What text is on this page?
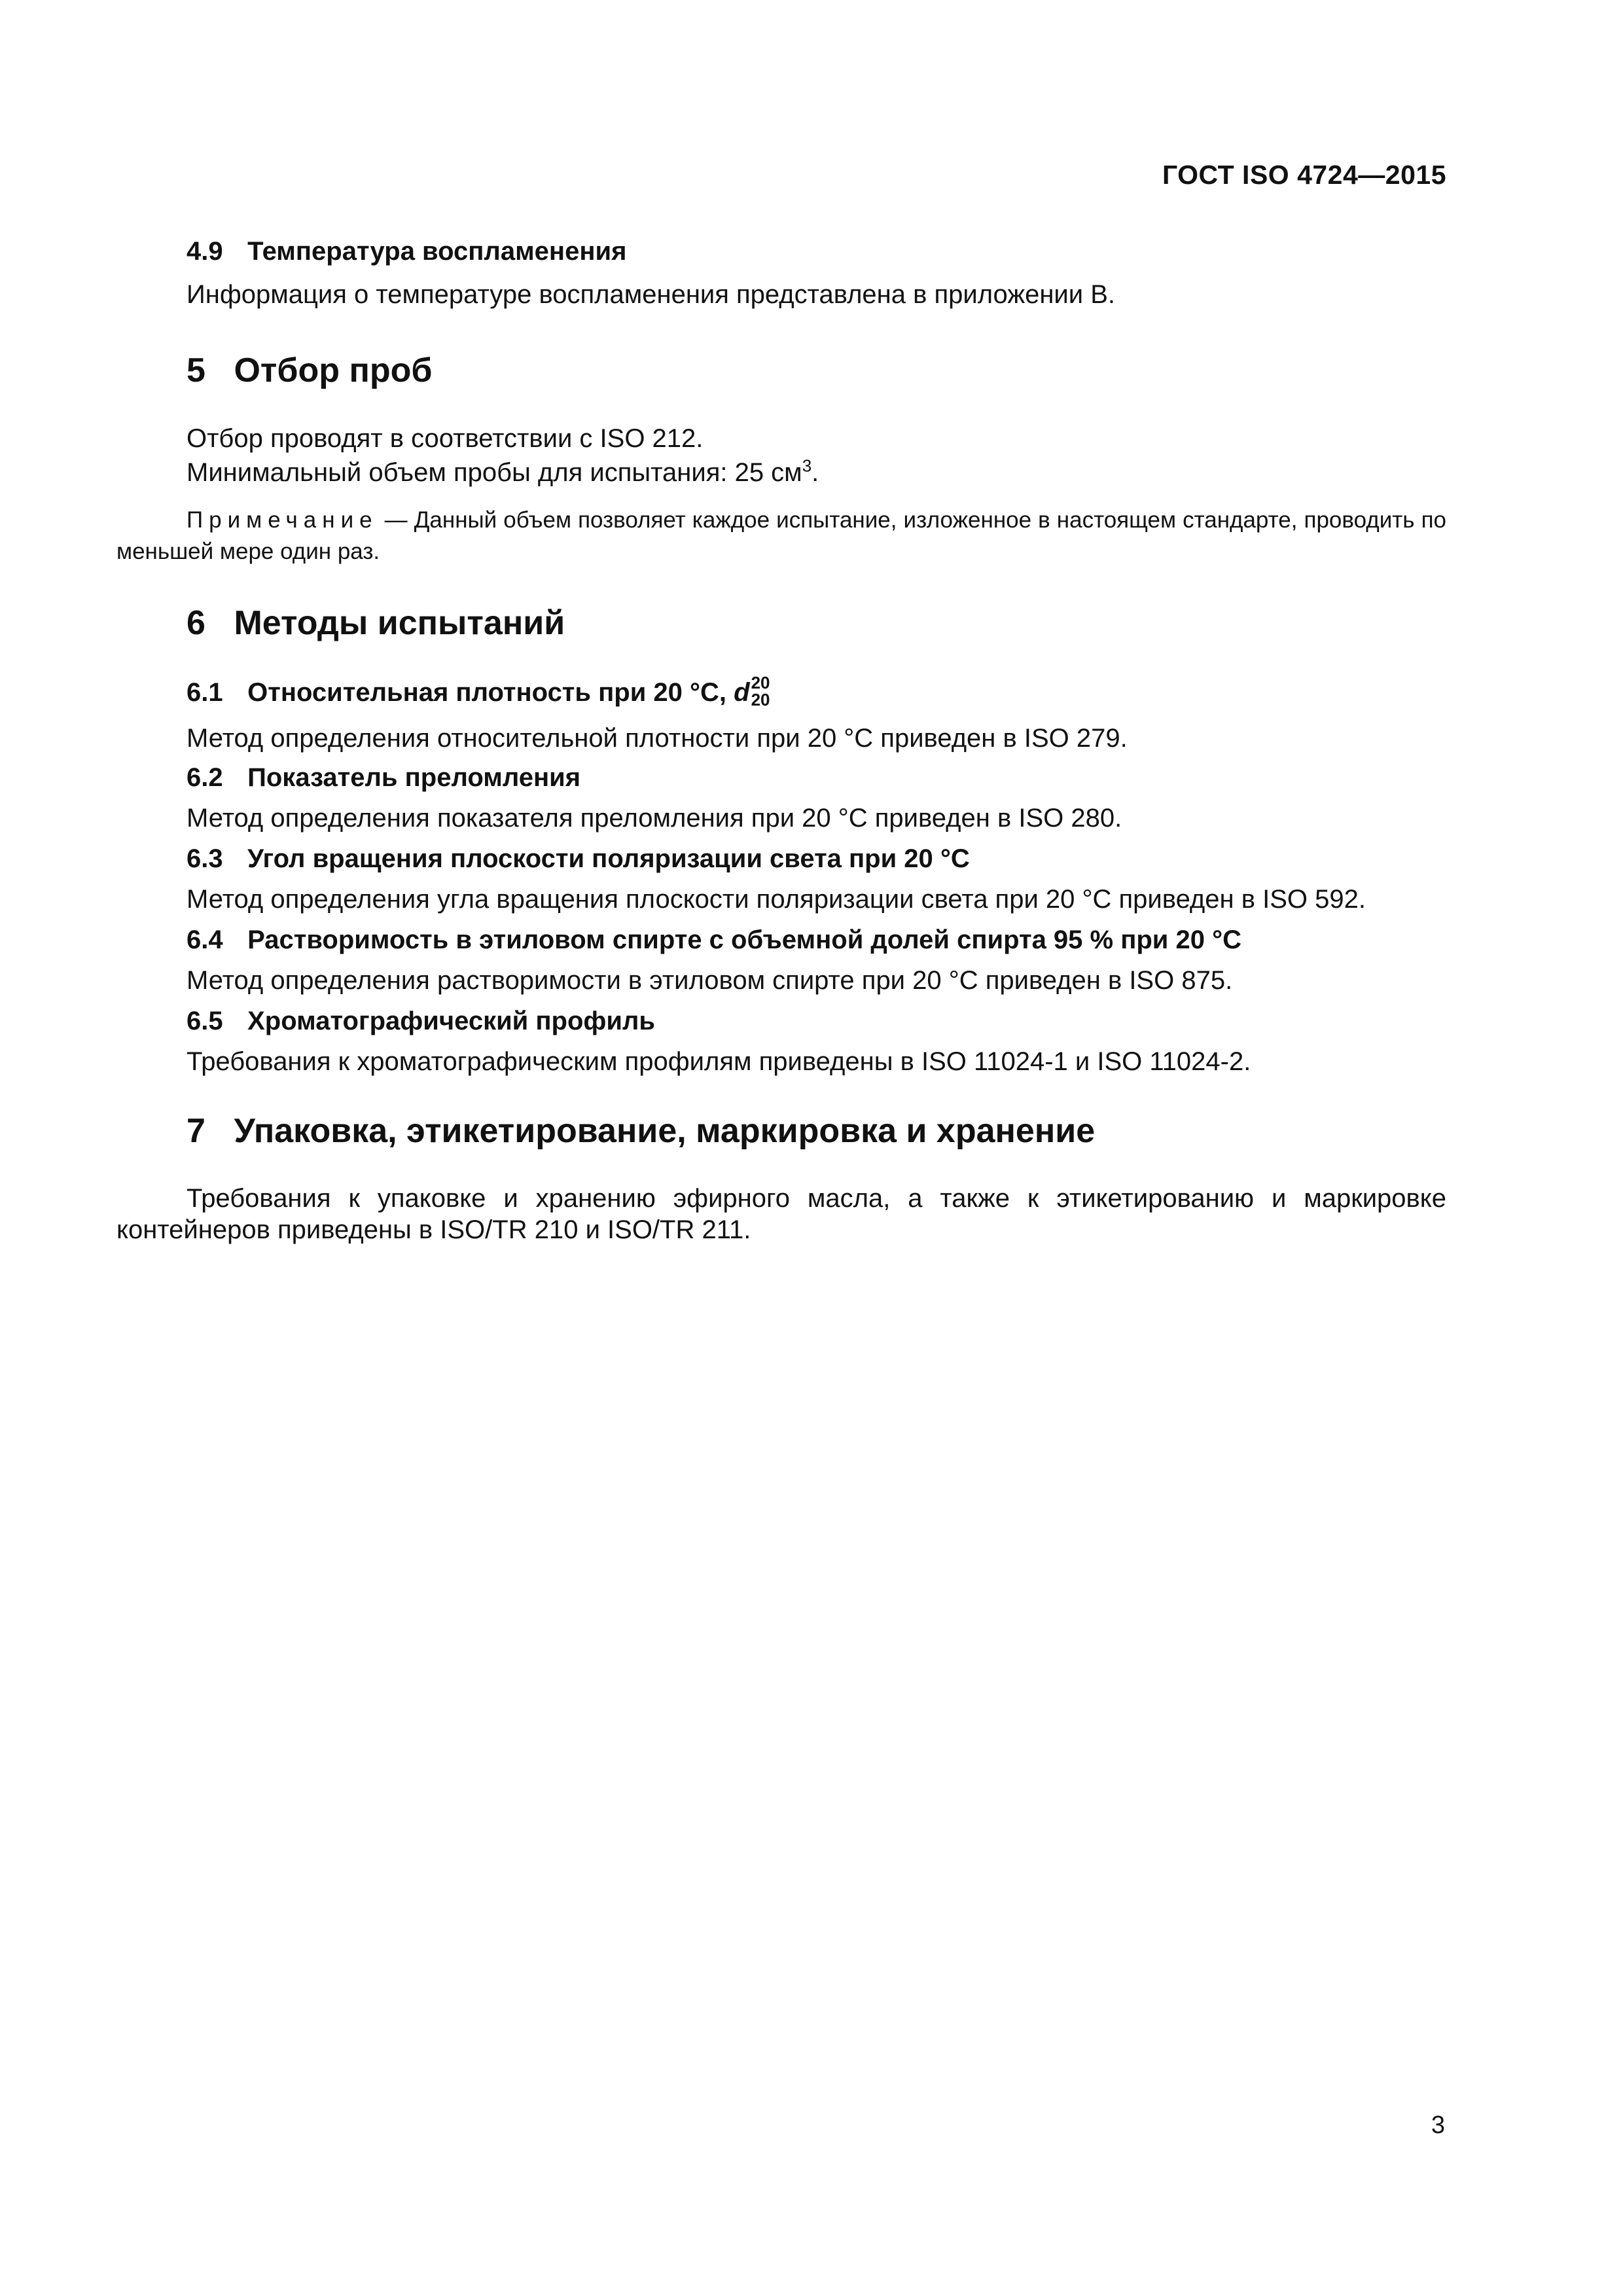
ГОСТ ISO 4724—2015

4.9 Температура воспламенения

Информация о температуре воспламенения представлена в приложении В.

5 Отбор проб

Отбор проводят в соответствии с ISO 212.

Минимальный объем пробы для испытания: 25 $см^3$.

Примечание — Данный объем позволяет каждое испытание, изложенное в настоящем стандарте, проводить по меньшей мере один раз.

6 Методы испытаний

6.1 Относительная плотность при 20 °С, d 20
20

Метод определения относительной плотности при 20 °С приведен в ISO 279.

6.2 Показатель преломления

Метод определения показателя преломления при 20 °С приведен в ISO 280.

6.3 Угол вращения плоскости поляризации света при 20 °С

Метод определения угла вращения плоскости поляризации света при 20 °С приведен в ISO 592.

6.4 Растворимость в этиловом спирте с объемной долей спирта 95 % при 20 °С

Метод определения растворимости в этиловом спирте при 20 °С приведен в ISO 875.

6.5 Хроматографический профиль

Требования к хроматографическим профилям приведены в ISO 11024-1 и ISO 11024-2.

7 Упаковка, этикетирование, маркировка и хранение

Требования к упаковке и хранению эфирного масла, а также к этикетированию и маркировке контейнеров приведены в ISO/TR 210 и ISO/TR 211.

3
